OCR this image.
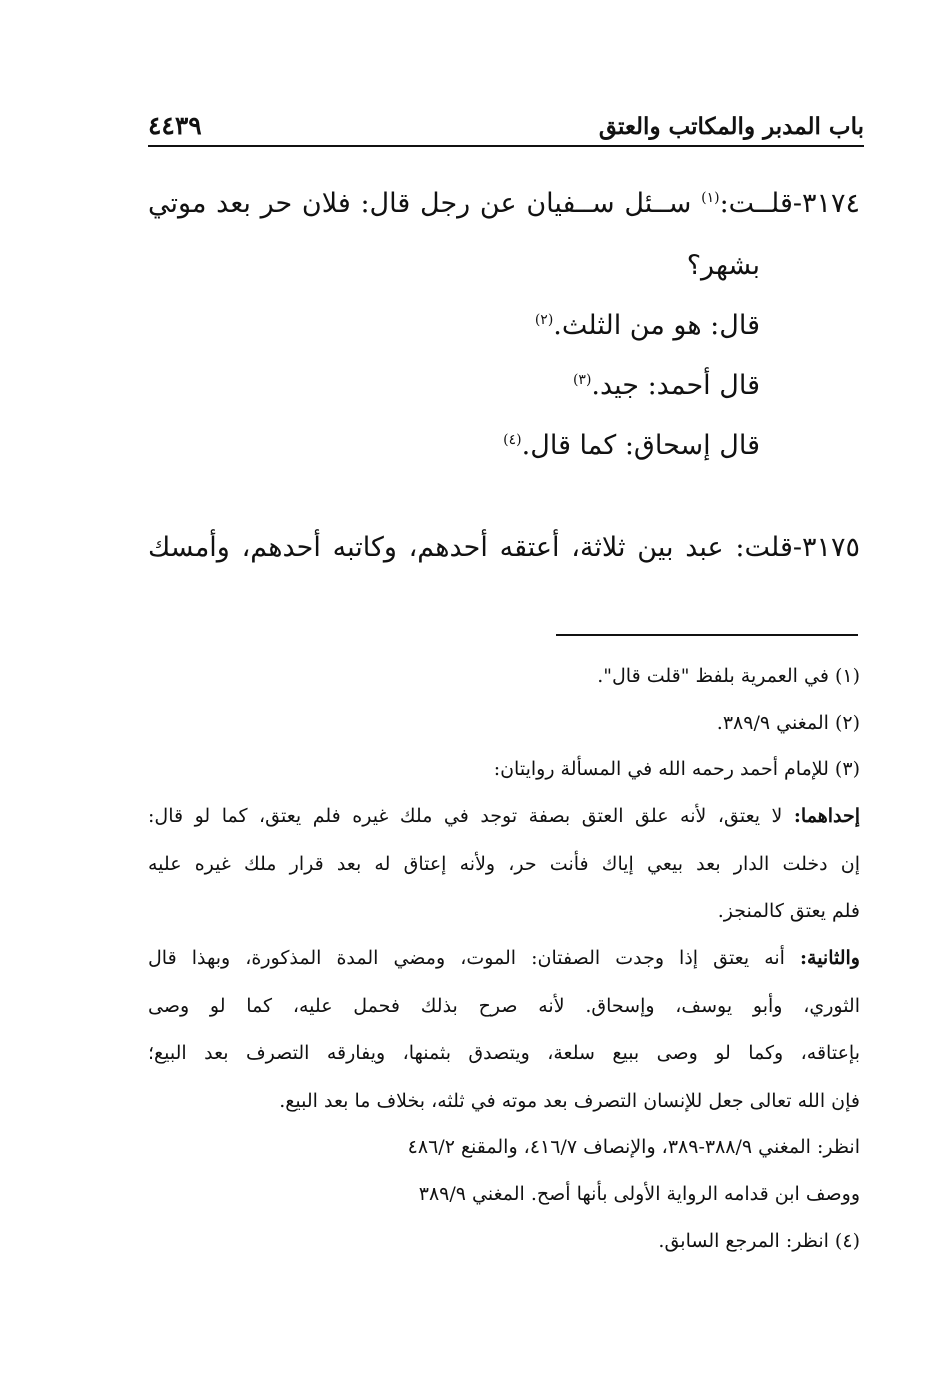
باب المدبر والمكاتب والعتق
٤٤٣٩
٣١٧٤-قلــت:$^{(١)}$ ســئل ســفيان عن رجل قال: فلان حر بعد موتي
بشهر؟
قال: هو من الثلث.$^{(٢)}$
قال أحمد: جيد.$^{(٣)}$
قال إسحاق: كما قال.$^{(٤)}$
٣١٧٥-قلت: عبد بين ثلاثة، أعتقه أحدهم، وكاتبه أحدهم، وأمسك
(١) في العمرية بلفظ "قلت قال".
(٢) المغني ٣٨٩/٩.
(٣) للإمام أحمد رحمه الله في المسألة روايتان:
إحداهما: لا يعتق، لأنه علق العتق بصفة توجد في ملك غيره فلم يعتق، كما لو قال:
إن دخلت الدار بعد بيعي إياك فأنت حر، ولأنه إعتاق له بعد قرار ملك غيره عليه
فلم يعتق كالمنجز.
والثانية: أنه يعتق إذا وجدت الصفتان: الموت، ومضي المدة المذكورة، وبهذا قال
الثوري، وأبو يوسف، وإسحاق. لأنه صرح بذلك فحمل عليه، كما لو وصى
بإعتاقه، وكما لو وصى ببيع سلعة، ويتصدق بثمنها، ويفارقه التصرف بعد البيع؛
فإن الله تعالى جعل للإنسان التصرف بعد موته في ثلثه، بخلاف ما بعد البيع.
انظر: المغني ٣٨٨/٩-٣٨٩، والإنصاف ٤١٦/٧، والمقنع ٤٨٦/٢
ووصف ابن قدامه الرواية الأولى بأنها أصح. المغني ٣٨٩/٩
(٤) انظر: المرجع السابق.
